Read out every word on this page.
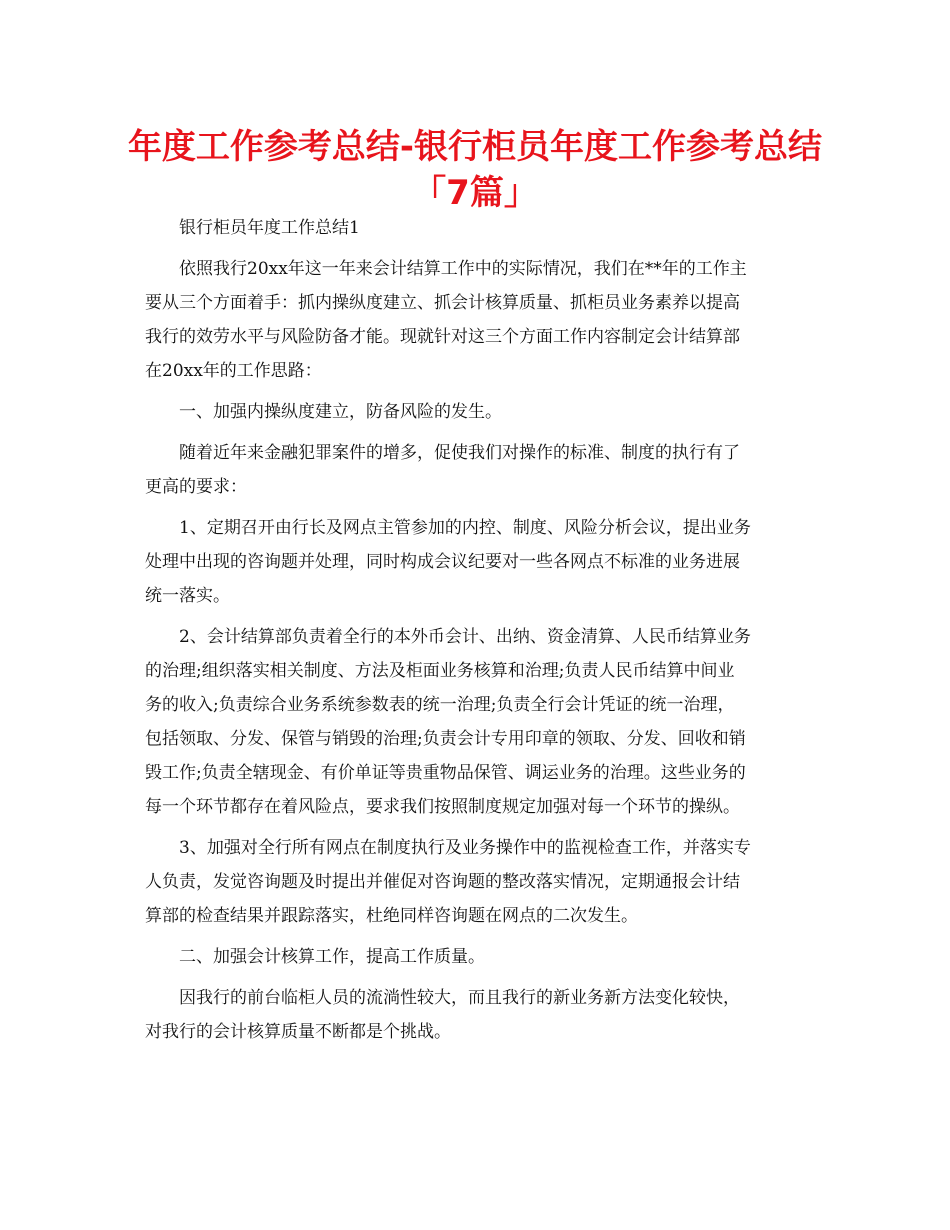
年度工作参考总结-银行柜员年度工作参考总结
「7篇」
银行柜员年度工作总结1
依照我行20xx年这一年来会计结算工作中的实际情况，我们在**年的工作主
要从三个方面着手：抓内操纵度建立、抓会计核算质量、抓柜员业务素养以提高
我行的效劳水平与风险防备才能。现就针对这三个方面工作内容制定会计结算部
在20xx年的工作思路：
一、加强内操纵度建立，防备风险的发生。
随着近年来金融犯罪案件的增多，促使我们对操作的标准、制度的执行有了
更高的要求：
1、定期召开由行长及网点主管参加的内控、制度、风险分析会议，提出业务
处理中出现的咨询题并处理，同时构成会议纪要对一些各网点不标准的业务进展
统一落实。
2、会计结算部负责着全行的本外币会计、出纳、资金清算、人民币结算业务
的治理;组织落实相关制度、方法及柜面业务核算和治理;负责人民币结算中间业
务的收入;负责综合业务系统参数表的统一治理;负责全行会计凭证的统一治理，
包括领取、分发、保管与销毁的治理;负责会计专用印章的领取、分发、回收和销
毁工作;负责全辖现金、有价单证等贵重物品保管、调运业务的治理。这些业务的
每一个环节都存在着风险点，要求我们按照制度规定加强对每一个环节的操纵。
3、加强对全行所有网点在制度执行及业务操作中的监视检查工作，并落实专
人负责，发觉咨询题及时提出并催促对咨询题的整改落实情况，定期通报会计结
算部的检查结果并跟踪落实，杜绝同样咨询题在网点的二次发生。
二、加强会计核算工作，提高工作质量。
因我行的前台临柜人员的流淌性较大，而且我行的新业务新方法变化较快，
对我行的会计核算质量不断都是个挑战。
